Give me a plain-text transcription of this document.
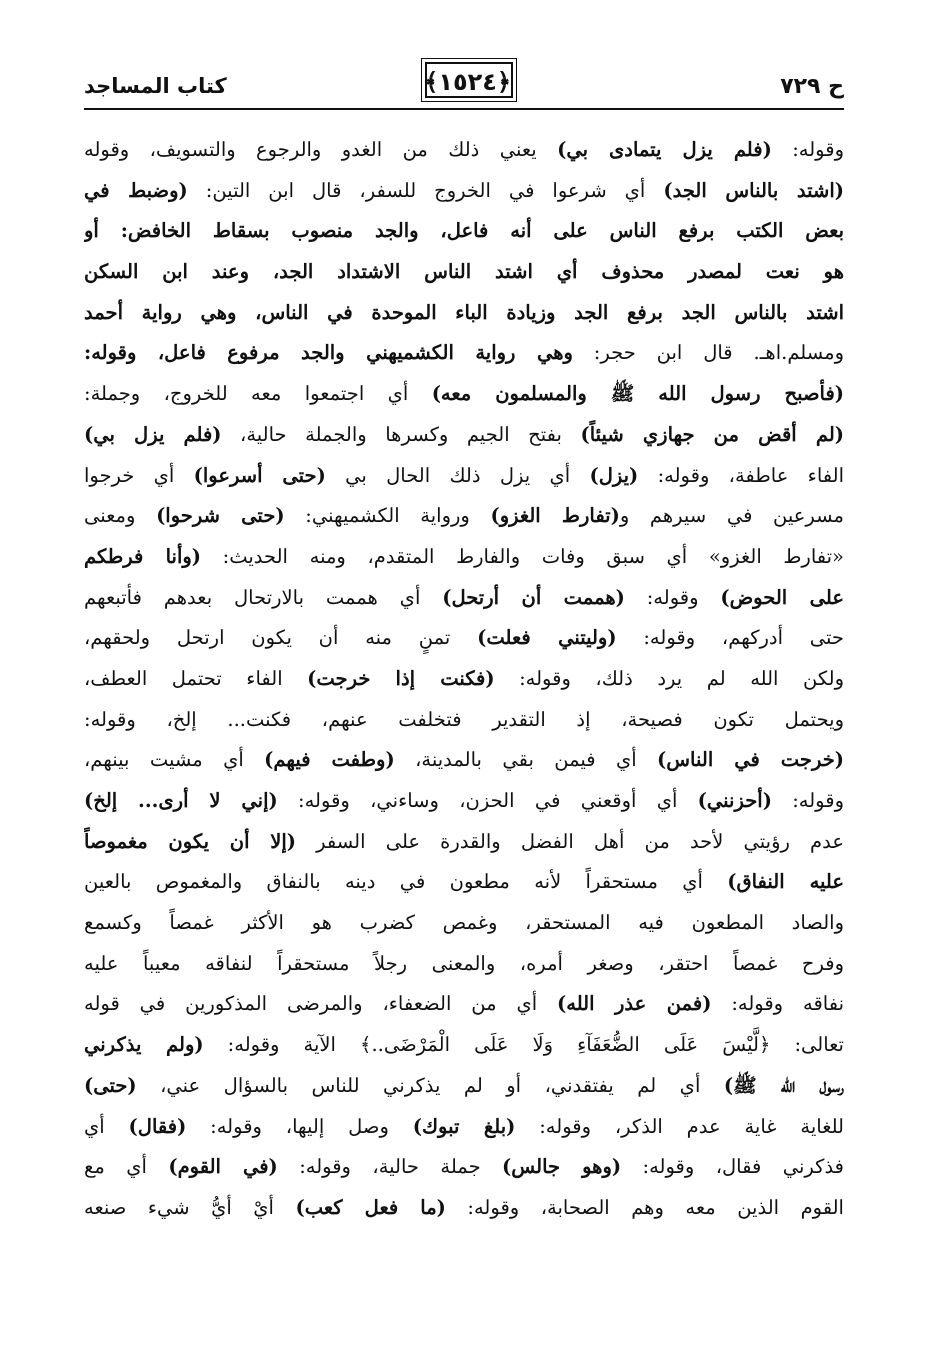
ح ٧٢٩
﴿١٥٢٤﴾
كتاب المساجد
وقوله: (فلم يزل يتمادى بي) يعني ذلك من الغدو والرجوع والتسويف، وقوله
(اشتد بالناس الجد) أي شرعوا في الخروج للسفر، قال ابن التين: (وضبط في
بعض الكتب برفع الناس على أنه فاعل، والجد منصوب بسقاط الخافض: أو
هو نعت لمصدر محذوف أي اشتد الناس الاشتداد الجد، وعند ابن السكن
اشتد بالناس الجد برفع الجد وزيادة الباء الموحدة في الناس، وهي رواية أحمد
ومسلم.اهـ. قال ابن حجر: وهي رواية الكشميهني والجد مرفوع فاعل، وقوله:
(فأصبح رسول الله ﷺ والمسلمون معه) أي اجتمعوا معه للخروج، وجملة:
(لم أقض من جهازي شيئاً) بفتح الجيم وكسرها والجملة حالية، (فلم يزل بي)
الفاء عاطفة، وقوله: (يزل) أي يزل ذلك الحال بي (حتى أسرعوا) أي خرجوا
مسرعين في سيرهم و(تفارط الغزو) ورواية الكشميهني: (حتى شرحوا) ومعنى
«تفارط الغزو» أي سبق وفات والفارط المتقدم، ومنه الحديث: (وأنا فرطكم
على الحوض) وقوله: (هممت أن أرتحل) أي هممت بالارتحال بعدهم فأتبعهم
حتى أدركهم، وقوله: (وليتني فعلت) تمنٍ منه أن يكون ارتحل ولحقهم،
ولكن الله لم يرد ذلك، وقوله: (فكنت إذا خرجت) الفاء تحتمل العطف،
ويحتمل تكون فصيحة، إذ التقدير فتخلفت عنهم، فكنت... إلخ، وقوله:
(خرجت في الناس) أي فيمن بقي بالمدينة، (وطفت فيهم) أي مشيت بينهم،
وقوله: (أحزنني) أي أوقعني في الحزن، وساءني، وقوله: (إني لا أرى... إلخ)
عدم رؤيتي لأحد من أهل الفضل والقدرة على السفر (إلا أن يكون مغموصاً
عليه النفاق) أي مستحقراً لأنه مطعون في دينه بالنفاق والمغموص بالعين
والصاد المطعون فيه المستحقر، وغمص كضرب هو الأكثر غمصاً وكسمع
وفرح غمصاً احتقر، وصغر أمره، والمعنى رجلاً مستحقراً لنفاقه معيباً عليه
نفاقه وقوله: (فمن عذر الله) أي من الضعفاء، والمرضى المذكورين في قوله
تعالى: ﴿لَّيْسَ عَلَى الضُّعَفَآءِ وَلَا عَلَى الْمَرْضَى..﴾ الآية وقوله: (ولم يذكرني
رسول الله ﷺ) أي لم يفتقدني، أو لم يذكرني للناس بالسؤال عني، (حتى)
للغاية غاية عدم الذكر، وقوله: (بلغ تبوك) وصل إليها، وقوله: (فقال) أي
فذكرني فقال، وقوله: (وهو جالس) جملة حالية، وقوله: (في القوم) أي مع
القوم الذين معه وهم الصحابة، وقوله: (ما فعل كعب) أيْ أيُّ شيء صنعه
